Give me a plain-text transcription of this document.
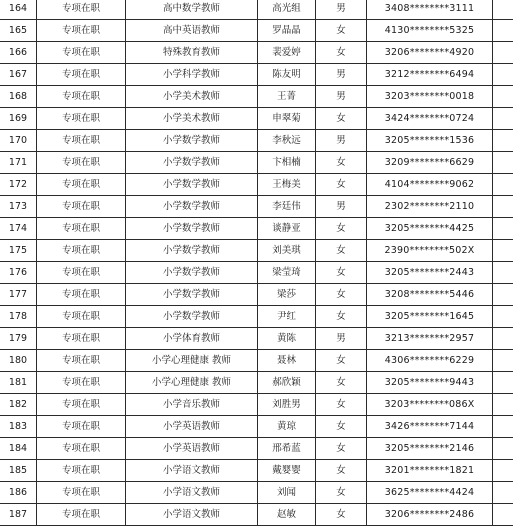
164	专项在职	高中数学教师	高光组	男	3408********3111	
165	专项在职	高中英语教师	罗晶晶	女	4130********5325	
166	专项在职	特殊教育教师	裴爱婷	女	3206********4920	
167	专项在职	小学科学教师	陈友明	男	3212********6494	
168	专项在职	小学美术教师	王菁	男	3203********0018	
169	专项在职	小学美术教师	申翠菊	女	3424********0724	
170	专项在职	小学数学教师	李秋远	男	3205********1536	
171	专项在职	小学数学教师	卞相楠	女	3209********6629	
172	专项在职	小学数学教师	王梅美	女	4104********9062	
173	专项在职	小学数学教师	李廷伟	男	2302********2110	
174	专项在职	小学数学教师	谈静亚	女	3205********4425	
175	专项在职	小学数学教师	刘美琪	女	2390********502X	
176	专项在职	小学数学教师	梁莹琦	女	3205********2443	
177	专项在职	小学数学教师	梁莎	女	3208********5446	
178	专项在职	小学数学教师	尹红	女	3205********1645	
179	专项在职	小学体育教师	黄陈	男	3213********2957	
180	专项在职	小学心理健康 教师	聂林	女	4306********6229	
181	专项在职	小学心理健康 教师	郝欣颖	女	3205********9443	
182	专项在职	小学音乐教师	刘胜男	女	3203********086X	
183	专项在职	小学英语教师	黄琼	女	3426********7144	
184	专项在职	小学英语教师	邢希蓝	女	3205********2146	
185	专项在职	小学语文教师	戴婴婴	女	3201********1821	
186	专项在职	小学语文教师	刘闻	女	3625********4424	
187	专项在职	小学语文教师	赵敏	女	3206********2486	
